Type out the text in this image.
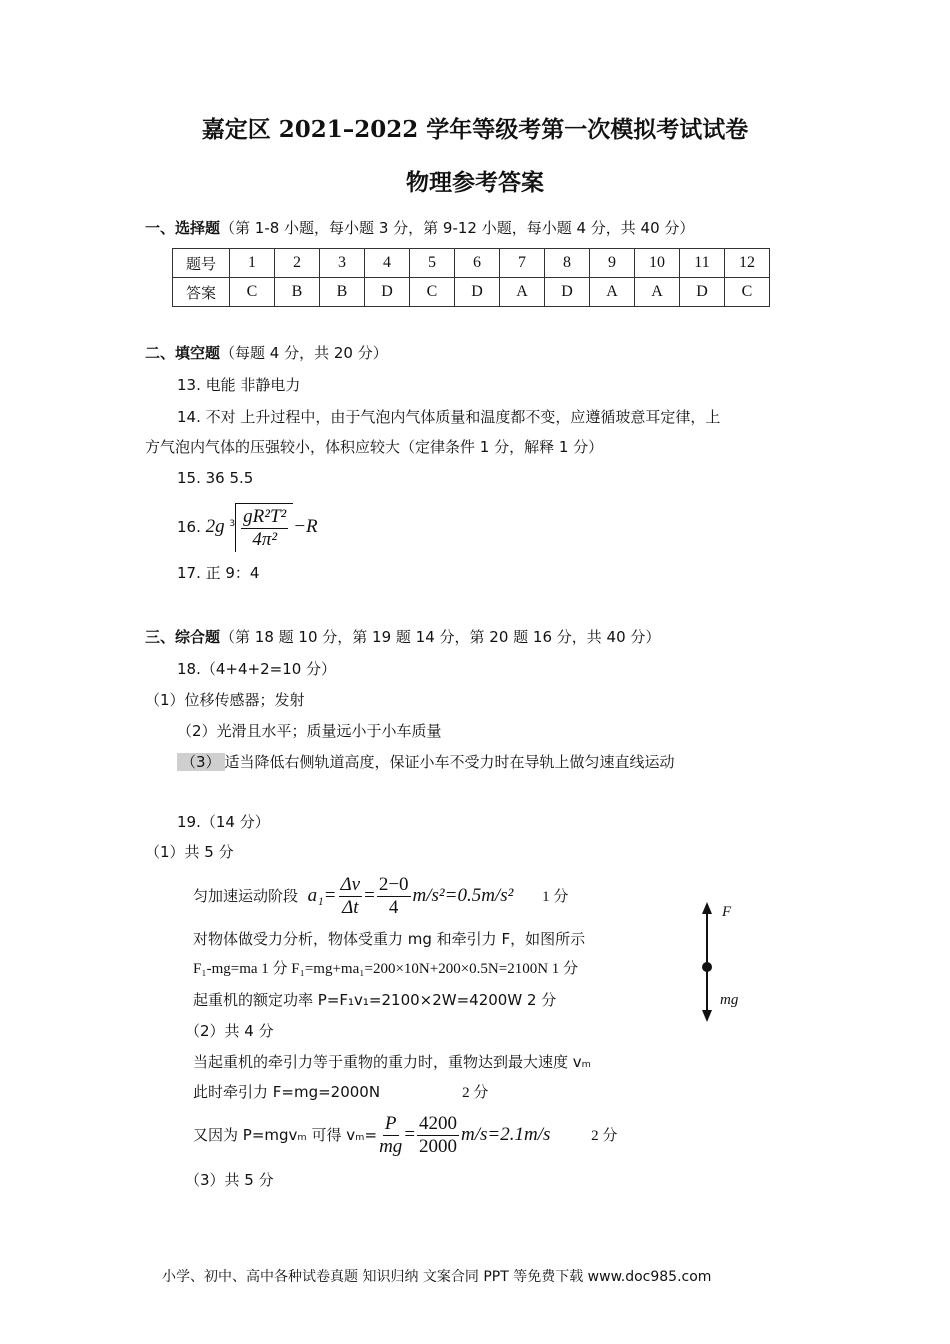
嘉定区 2021–2022 学年等级考第一次模拟考试试卷
物理参考答案
一、选择题（第 1-8 小题，每小题 3 分，第 9-12 小题，每小题 4 分，共 40 分）
题号	1	2	3	4	5	6	7	8	9	10	11	12
答案	C	B	B	D	C	D	A	D	A	A	D	C
二、填空题（每题 4 分，共 20 分）
13. 电能 非静电力
14. 不对 上升过程中，由于气泡内气体质量和温度都不变，应遵循玻意耳定律，上
方气泡内气体的压强较小，体积应较大（定律条件 1 分，解释 1 分）
15. 36 5.5
16. 2g $^3 \frac{\text{gR²T²}}{\text{4π²}} -R$
17. 正 9：4
三、综合题（第 18 题 10 分，第 19 题 14 分，第 20 题 16 分，共 40 分）
18.（4+4+2=10 分）
（1）位移传感器；发射
（2）光滑且水平；质量远小于小车质量
（3） 适当降低右侧轨道高度，保证小车不受力时在导轨上做匀速直线运动
19.（14 分）
（1）共 5 分
匀加速运动阶段 $a_1= \frac{\Delta v}{\Delta t} = \frac{2-0}{4} m/s^2=0.5m/s^2$ 1 分
对物体做受力分析，物体受重力 mg 和牵引力 F，如图所示
F₁-mg=ma 1 分 F₁=mg+ma₁=200×10N+200×0.5N=2100N 1 分
起重机的额定功率 P=F₁v₁=2100×2W=4200W 2 分
（2）共 4 分
当起重机的牵引力等于重物的重力时，重物达到最大速度 vₘ
此时牵引力 F=mg=2000N	2 分
又因为 P=mgvₘ 可得 $v_m= \frac{P}{mg} = \frac{4200}{2000} m/s=2.1m/s$	2 分
（3）共 5 分
F
mg
小学、初中、高中各种试卷真题 知识归纳 文案合同 PPT 等免费下载 www.doc985.com
